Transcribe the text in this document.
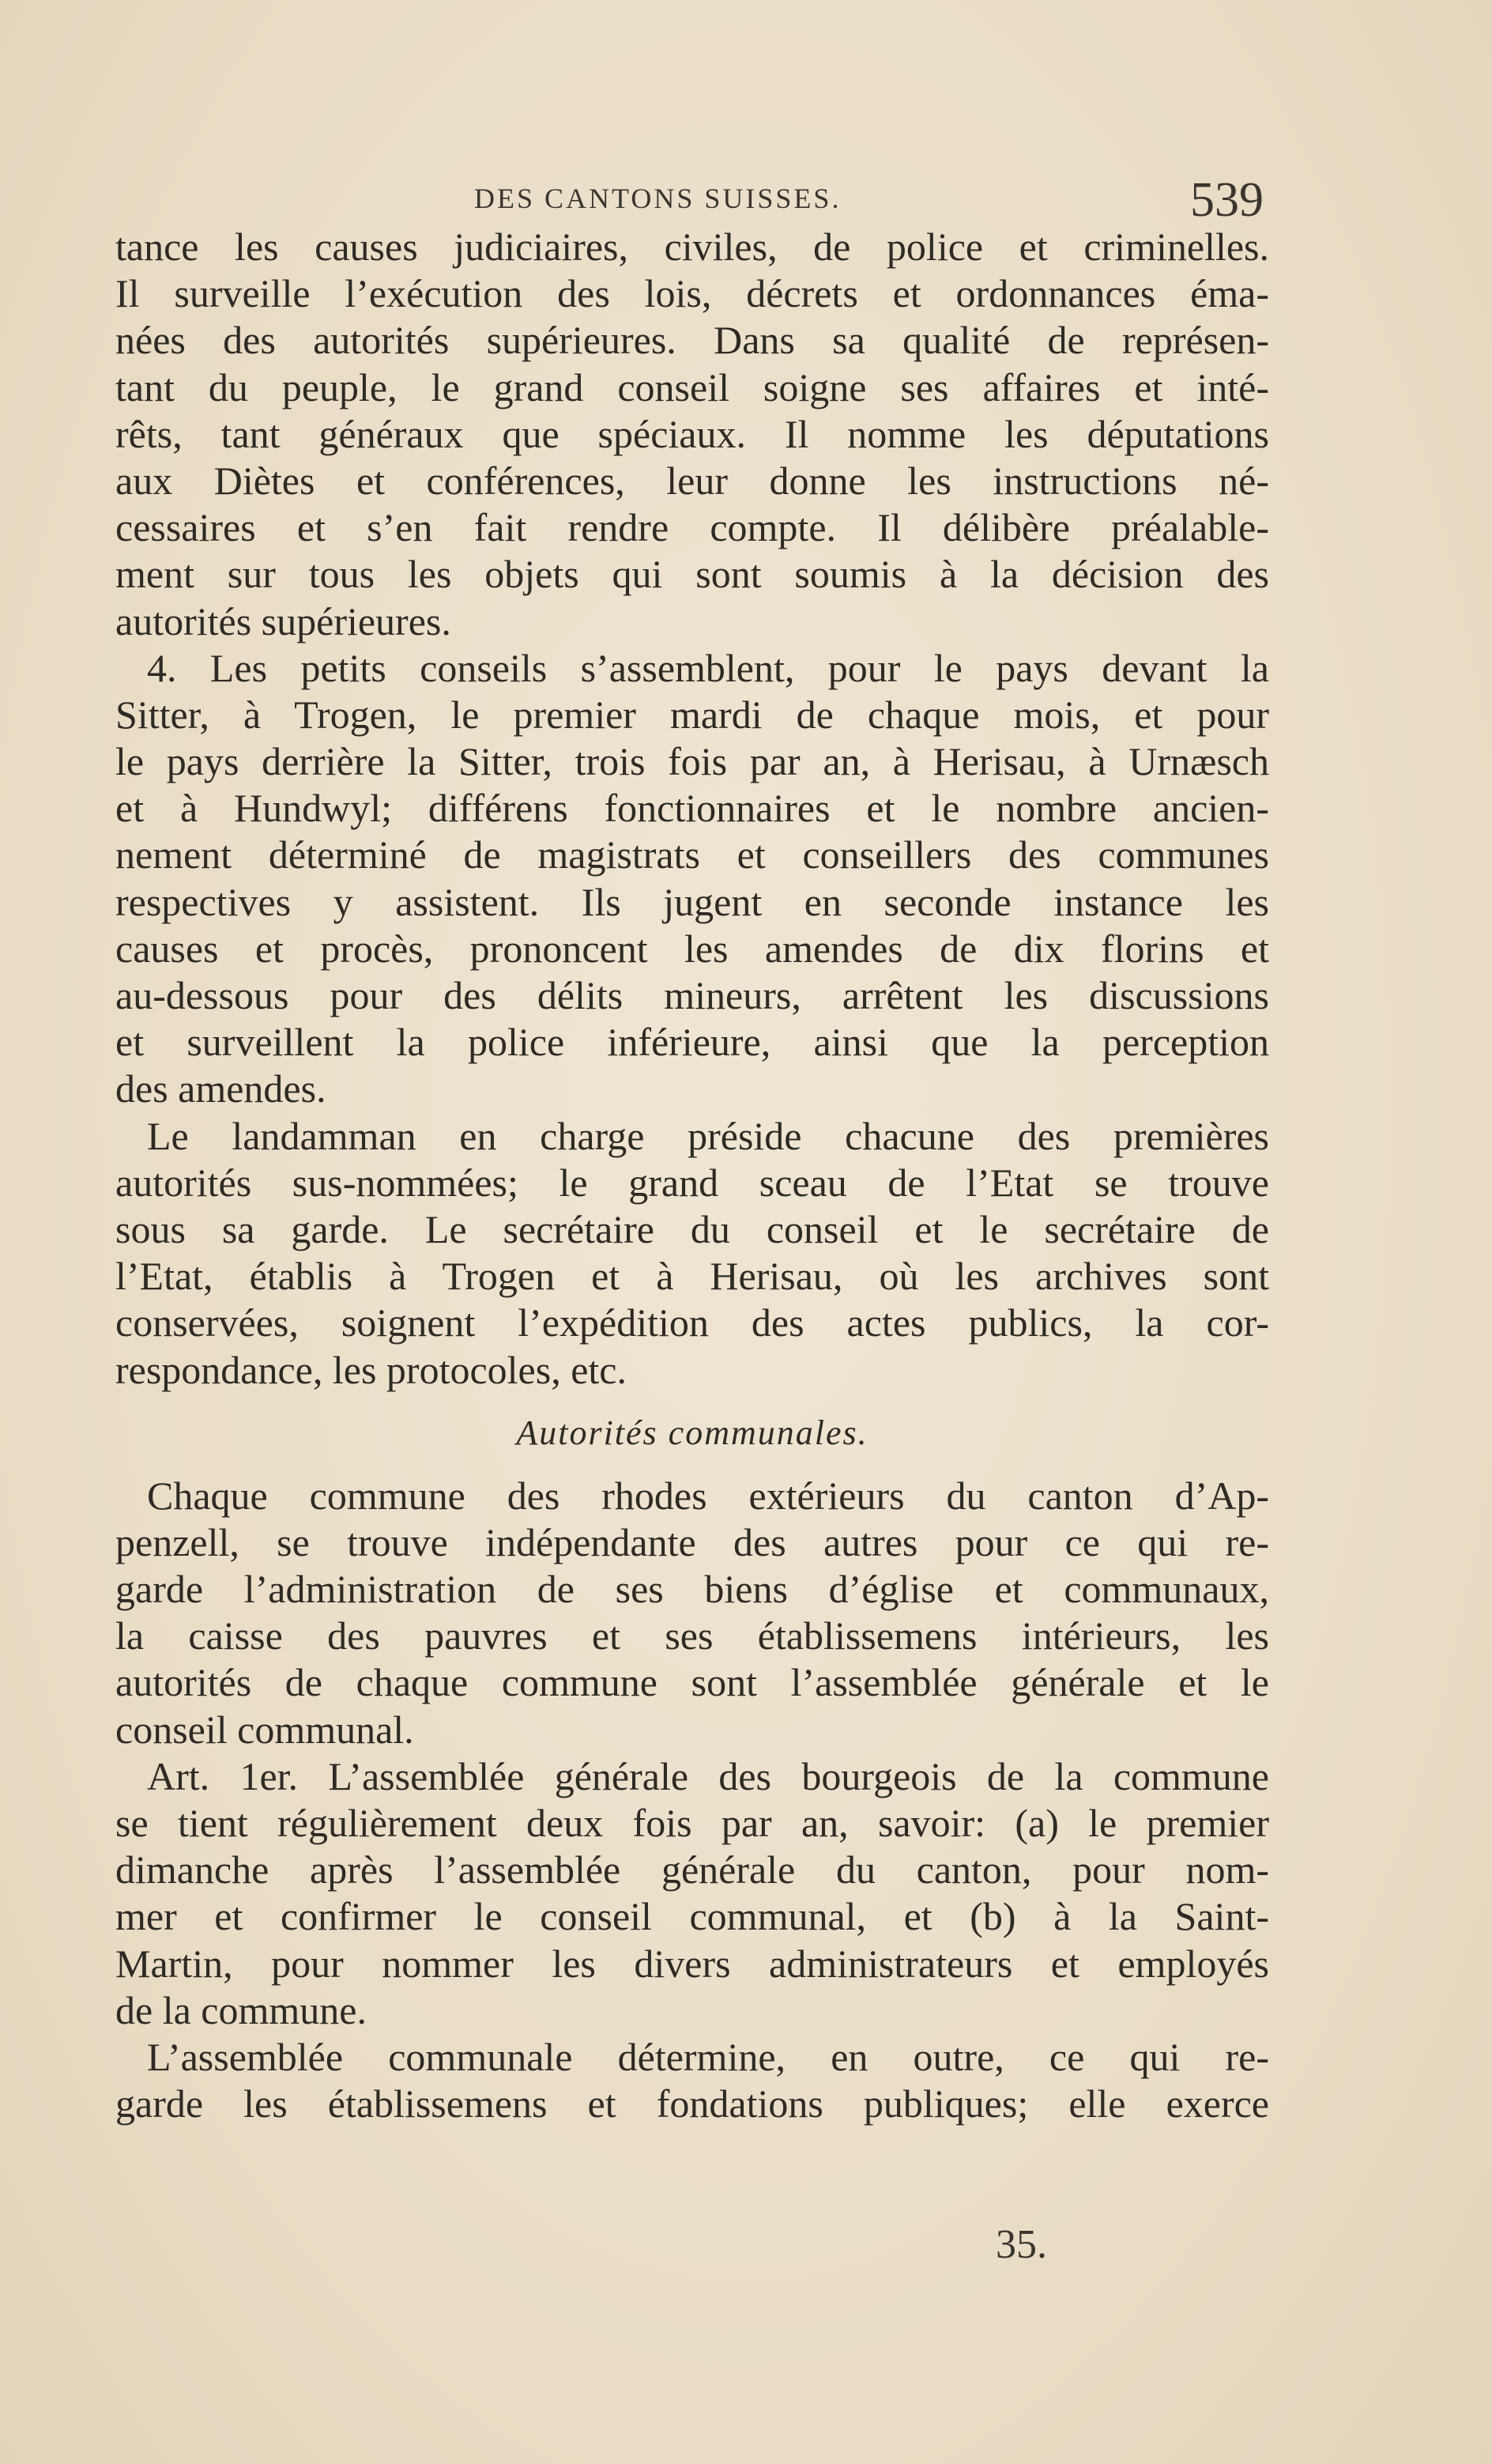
DES CANTONS SUISSES.	539
tance les causes judiciaires, civiles, de police et criminelles.
Il surveille l’exécution des lois, décrets et ordonnances éma-
nées des autorités supérieures. Dans sa qualité de représen-
tant du peuple, le grand conseil soigne ses affaires et inté-
rêts, tant généraux que spéciaux. Il nomme les députations
aux Diètes et conférences, leur donne les instructions né-
cessaires et s’en fait rendre compte. Il délibère préalable-
ment sur tous les objets qui sont soumis à la décision des
autorités supérieures.
4. Les petits conseils s’assemblent, pour le pays devant la
Sitter, à Trogen, le premier mardi de chaque mois, et pour
le pays derrière la Sitter, trois fois par an, à Herisau, à Urnæsch
et à Hundwyl; différens fonctionnaires et le nombre ancien-
nement déterminé de magistrats et conseillers des communes
respectives y assistent. Ils jugent en seconde instance les
causes et procès, prononcent les amendes de dix florins et
au-dessous pour des délits mineurs, arrêtent les discussions
et surveillent la police inférieure, ainsi que la perception
des amendes.
Le landamman en charge préside chacune des premières
autorités sus-nommées; le grand sceau de l’Etat se trouve
sous sa garde. Le secrétaire du conseil et le secrétaire de
l’Etat, établis à Trogen et à Herisau, où les archives sont
conservées, soignent l’expédition des actes publics, la cor-
respondance, les protocoles, etc.
Autorités communales.
Chaque commune des rhodes extérieurs du canton d’Ap-
penzell, se trouve indépendante des autres pour ce qui re-
garde l’administration de ses biens d’église et communaux,
la caisse des pauvres et ses établissemens intérieurs, les
autorités de chaque commune sont l’assemblée générale et le
conseil communal.
Art. 1er. L’assemblée générale des bourgeois de la commune
se tient régulièrement deux fois par an, savoir: (a) le premier
dimanche après l’assemblée générale du canton, pour nom-
mer et confirmer le conseil communal, et (b) à la Saint-
Martin, pour nommer les divers administrateurs et employés
de la commune.
L’assemblée communale détermine, en outre, ce qui re-
garde les établissemens et fondations publiques; elle exerce
35.
